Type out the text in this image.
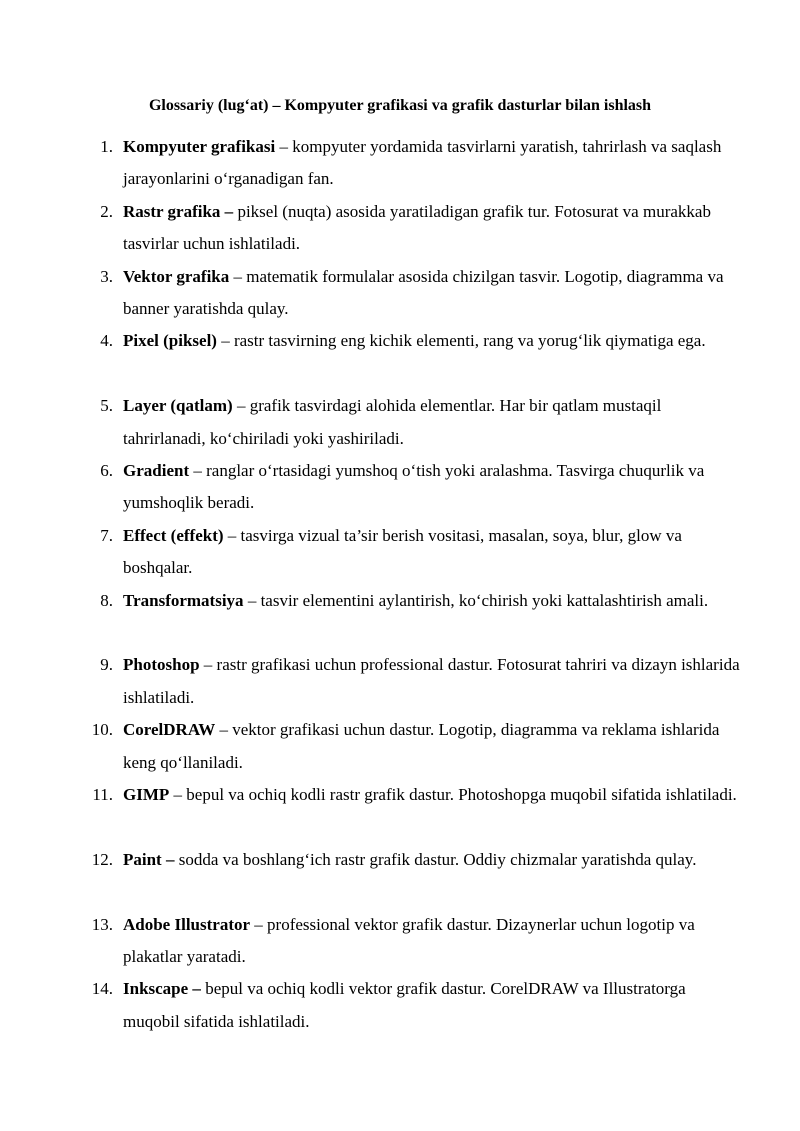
Glossariy (lug‘at) – Kompyuter grafikasi va grafik dasturlar bilan ishlash
1. Kompyuter grafikasi – kompyuter yordamida tasvirlarni yaratish, tahrirlash va saqlash jarayonlarini o‘rganadigan fan.
2. Rastr grafika – piksel (nuqta) asosida yaratiladigan grafik tur. Fotosurat va murakkab tasvirlar uchun ishlatiladi.
3. Vektor grafika – matematik formulalar asosida chizilgan tasvir. Logotip, diagramma va banner yaratishda qulay.
4. Pixel (piksel) – rastr tasvirning eng kichik elementi, rang va yorug‘lik qiymatiga ega.
5. Layer (qatlam) – grafik tasvirdagi alohida elementlar. Har bir qatlam mustaqil tahrirlanadi, ko‘chiriladi yoki yashiriladi.
6. Gradient – ranglar o‘rtasidagi yumshoq o‘tish yoki aralashma. Tasvirga chuqurlik va yumshoqlik beradi.
7. Effect (effekt) – tasvirga vizual ta’sir berish vositasi, masalan, soya, blur, glow va boshqalar.
8. Transformatsiya – tasvir elementini aylantirish, ko‘chirish yoki kattalashtirish amali.
9. Photoshop – rastr grafikasi uchun professional dastur. Fotosurat tahriri va dizayn ishlarida ishlatiladi.
10. CorelDRAW – vektor grafikasi uchun dastur. Logotip, diagramma va reklama ishlarida keng qo‘llaniladi.
11. GIMP – bepul va ochiq kodli rastr grafik dastur. Photoshopga muqobil sifatida ishlatiladi.
12. Paint – sodda va boshlang‘ich rastr grafik dastur. Oddiy chizmalar yaratishda qulay.
13. Adobe Illustrator – professional vektor grafik dastur. Dizaynerlar uchun logotip va plakatlar yaratadi.
14. Inkscape – bepul va ochiq kodli vektor grafik dastur. CorelDRAW va Illustratorga muqobil sifatida ishlatiladi.
